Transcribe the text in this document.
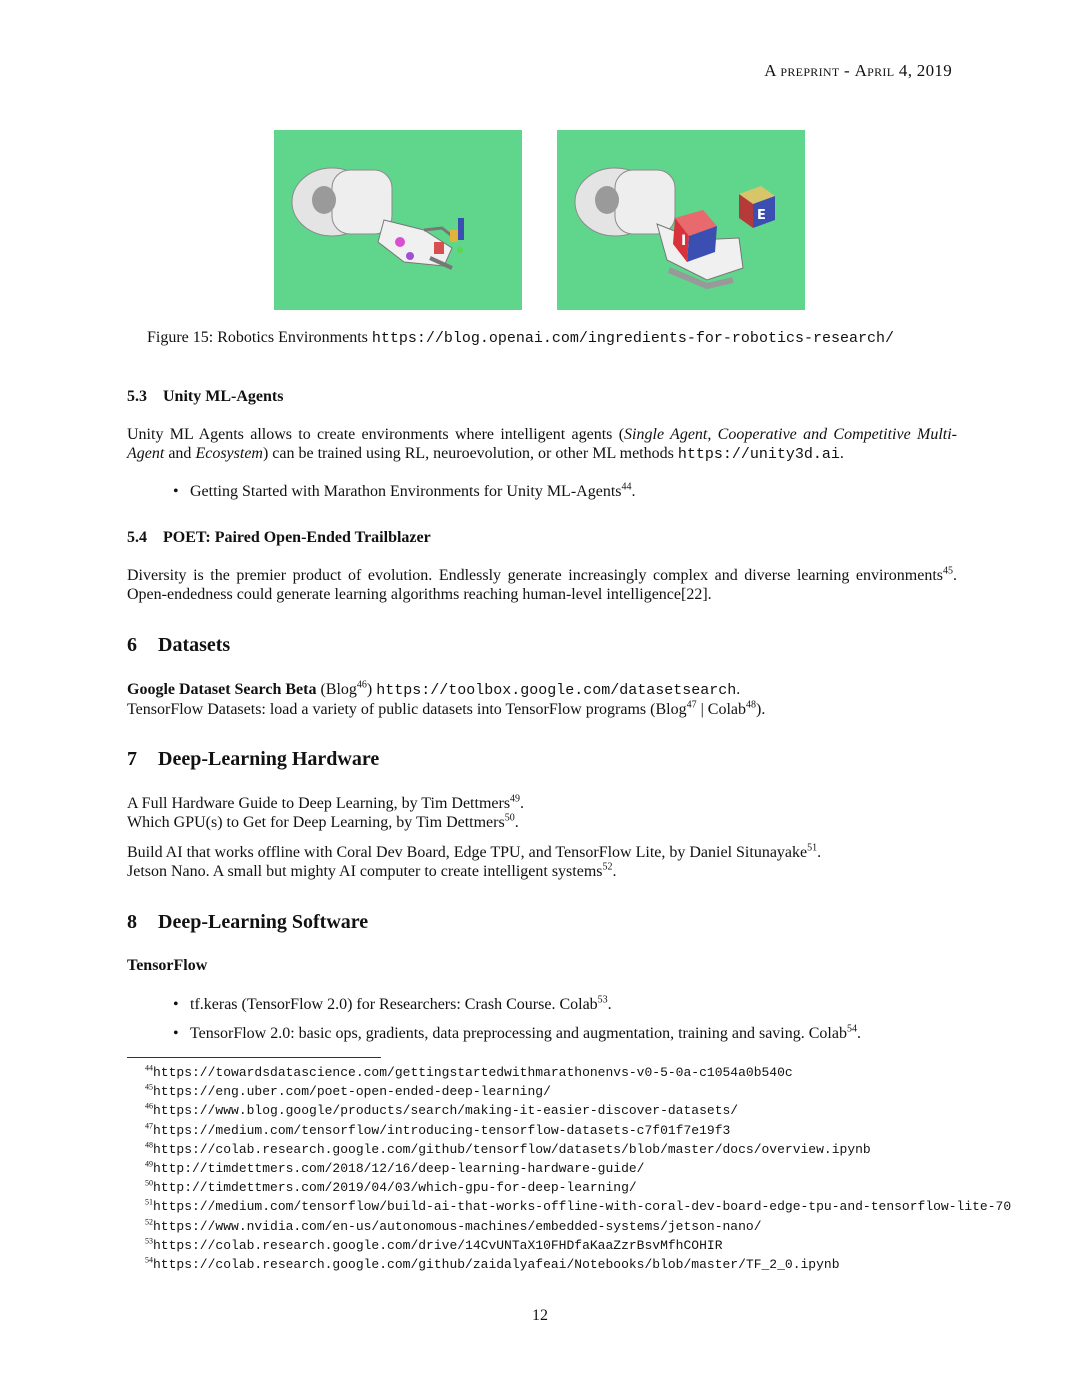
A preprint - April 4, 2019
I
E
Figure 15: Robotics Environments https://blog.openai.com/ingredients-for-robotics-research/
5.3 Unity ML-Agents
Unity ML Agents allows to create environments where intelligent agents (Single Agent, Cooperative and Competitive Multi-Agent and Ecosystem) can be trained using RL, neuroevolution, or other ML methods https://unity3d.ai.
• Getting Started with Marathon Environments for Unity ML-Agents$^{44}$.
5.4 POET: Paired Open-Ended Trailblazer
Diversity is the premier product of evolution. Endlessly generate increasingly complex and diverse learning environments$^{45}$. Open-endedness could generate learning algorithms reaching human-level intelligence[22].
6 Datasets
Google Dataset Search Beta (Blog$^{46}$) https://toolbox.google.com/datasetsearch.
TensorFlow Datasets: load a variety of public datasets into TensorFlow programs (Blog$^{47}$ | Colab$^{48}$).
7 Deep-Learning Hardware
A Full Hardware Guide to Deep Learning, by Tim Dettmers$^{49}$.
Which GPU(s) to Get for Deep Learning, by Tim Dettmers$^{50}$.
Build AI that works offline with Coral Dev Board, Edge TPU, and TensorFlow Lite, by Daniel Situnayake$^{51}$.
Jetson Nano. A small but mighty AI computer to create intelligent systems$^{52}$.
8 Deep-Learning Software
TensorFlow
• tf.keras (TensorFlow 2.0) for Researchers: Crash Course. Colab$^{53}$.
• TensorFlow 2.0: basic ops, gradients, data preprocessing and augmentation, training and saving. Colab$^{54}$.
$^{44}$https://towardsdatascience.com/gettingstartedwithmarathonenvs-v0-5-0a-c1054a0b540c
$^{45}$https://eng.uber.com/poet-open-ended-deep-learning/
$^{46}$https://www.blog.google/products/search/making-it-easier-discover-datasets/
$^{47}$https://medium.com/tensorflow/introducing-tensorflow-datasets-c7f01f7e19f3
$^{48}$https://colab.research.google.com/github/tensorflow/datasets/blob/master/docs/overview.ipynb
$^{49}$http://timdettmers.com/2018/12/16/deep-learning-hardware-guide/
$^{50}$http://timdettmers.com/2019/04/03/which-gpu-for-deep-learning/
$^{51}$https://medium.com/tensorflow/build-ai-that-works-offline-with-coral-dev-board-edge-tpu-and-tensorflow-lite-70
$^{52}$https://www.nvidia.com/en-us/autonomous-machines/embedded-systems/jetson-nano/
$^{53}$https://colab.research.google.com/drive/14CvUNTaX10FHDfaKaaZzrBsvMfhCOHIR
$^{54}$https://colab.research.google.com/github/zaidalyafeai/Notebooks/blob/master/TF_2_0.ipynb
12
